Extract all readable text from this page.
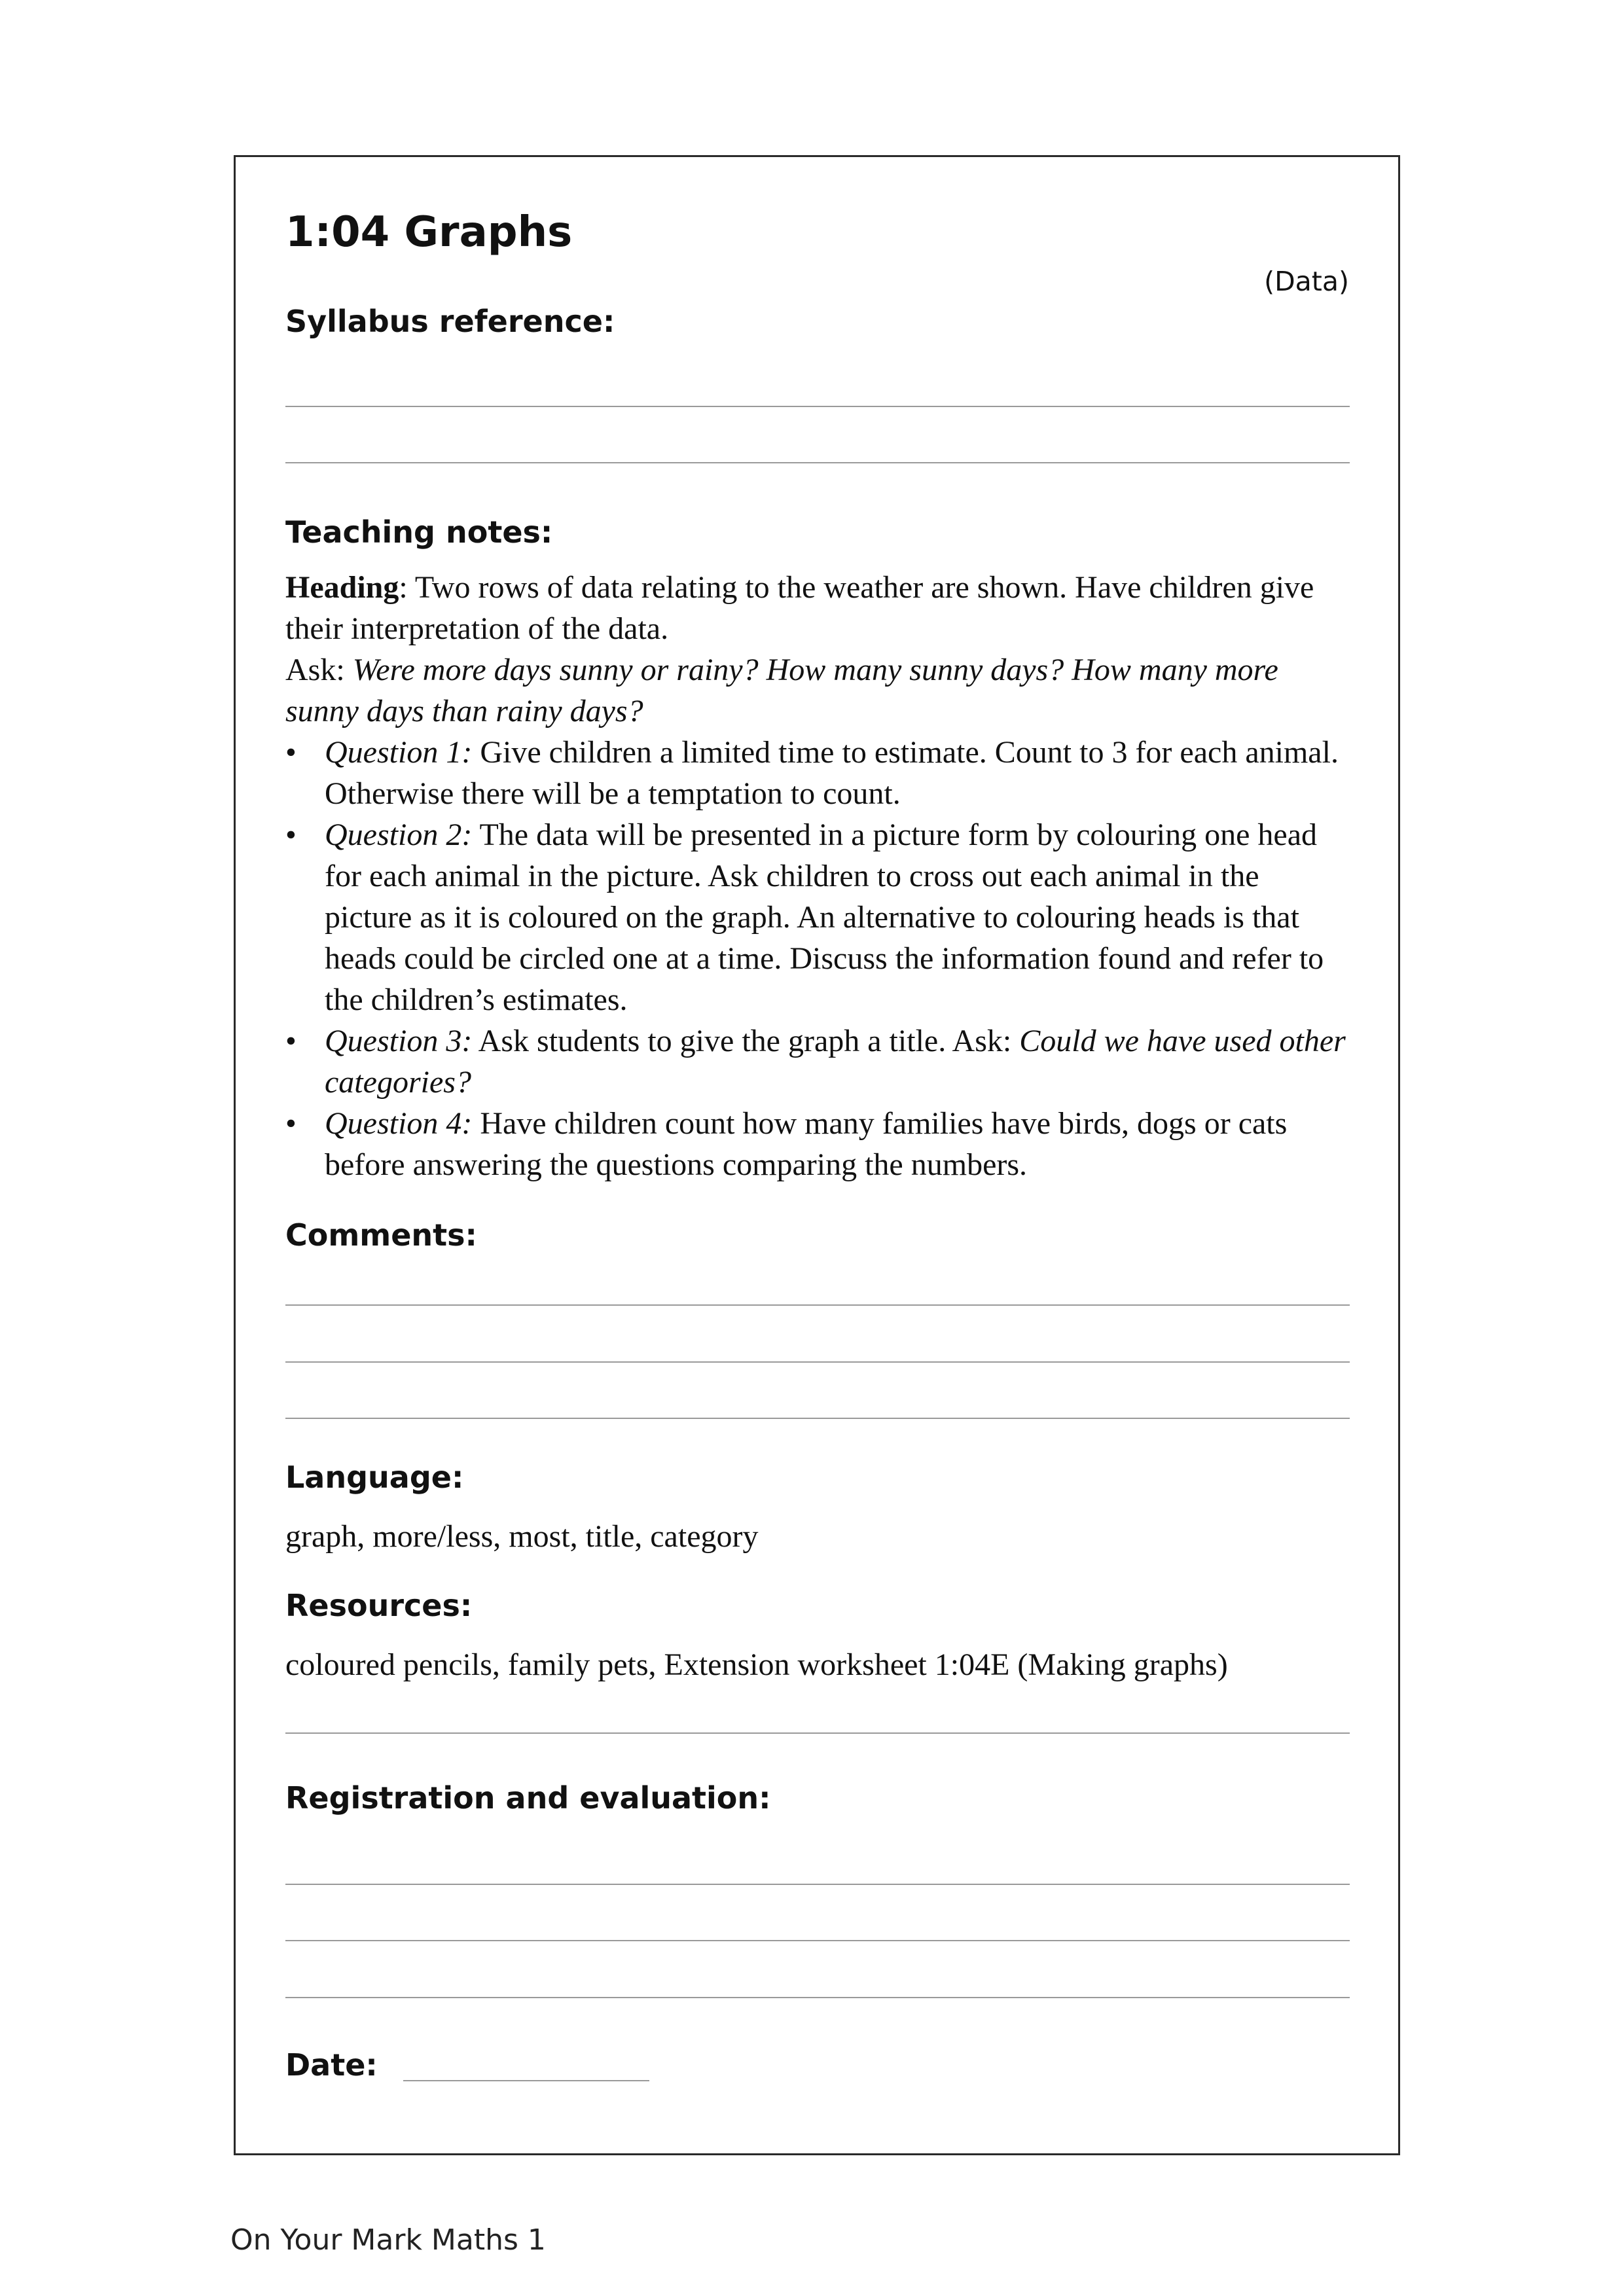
1:04 Graphs
(Data)
Syllabus reference:
Teaching notes:

Heading: Two rows of data relating to the weather are shown. Have children give their interpretation of the data.

Ask: Were more days sunny or rainy? How many sunny days? How many more sunny days than rainy days?

• Question 1: Give children a limited time to estimate. Count to 3 for each animal. Otherwise there will be a temptation to count.
• Question 2: The data will be presented in a picture form by colouring one head for each animal in the picture. Ask children to cross out each animal in the picture as it is coloured on the graph. An alternative to colouring heads is that heads could be circled one at a time. Discuss the information found and refer to the children’s estimates.
• Question 3: Ask students to give the graph a title. Ask: Could we have used other categories?
• Question 4: Have children count how many families have birds, dogs or cats before answering the questions comparing the numbers.
Comments:
Language:
graph, more/less, most, title, category
Resources:
coloured pencils, family pets, Extension worksheet 1:04E (Making graphs)
Registration and evaluation:
Date:
On Your Mark Maths 1
